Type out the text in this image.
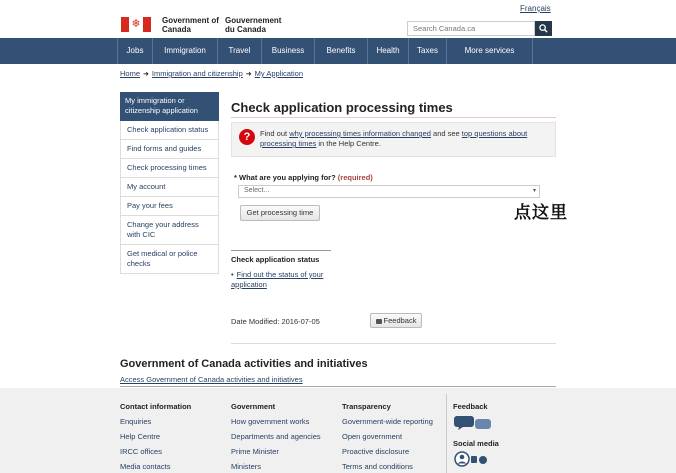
Français
❄	Government of Canada
Gouvernement du Canada	Search Canada.ca
Jobs	Immigration	Travel	Business	Benefits	Health	Taxes	More services
Home ➜ Immigration and citizenship ➜ My Application
My immigration or citizenship application
Check application status
Find forms and guides
Check processing times
My account
Pay your fees
Change your address with CIC
Get medical or police checks
Check application processing times
?	Find out why processing times information changed and see top questions about processing times in the Help Centre.
* What are you applying for? (required)
Select...	▾
Get processing time	点这里
Check application status
• Find out the status of your application
Date Modified: 2016-07-05	Feedback
Government of Canada activities and initiatives
Access Government of Canada activities and initiatives
Contact information
Enquiries
Help Centre
IRCC offices
Media contacts
Government
How government works
Departments and agencies
Prime Minister
Ministers
Transparency
Government-wide reporting
Open government
Proactive disclosure
Terms and conditions
Feedback
Social media
